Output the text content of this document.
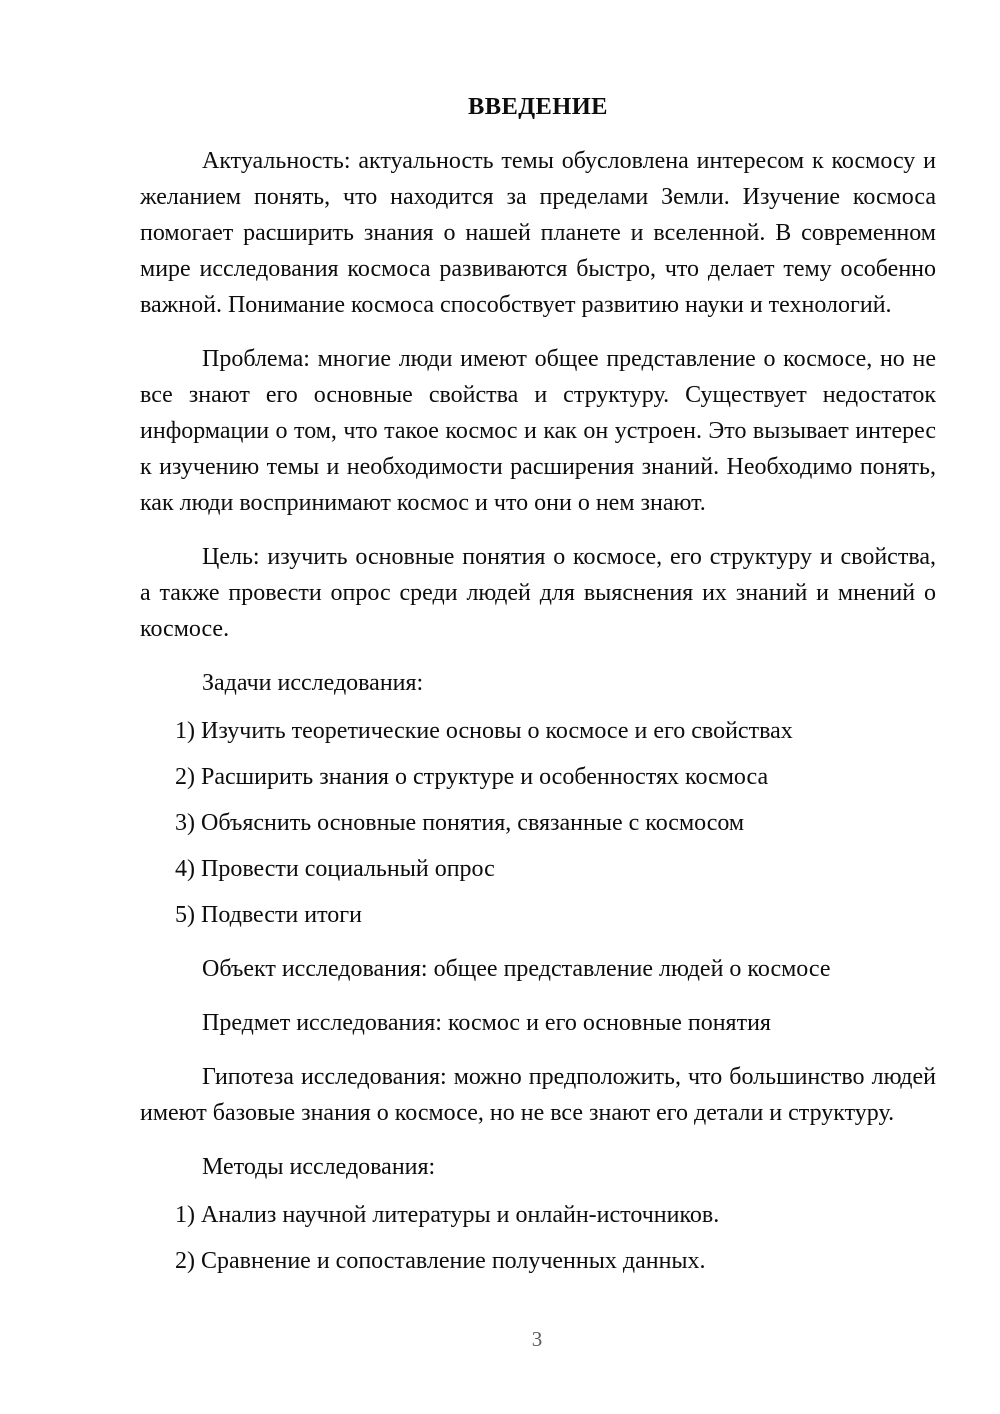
ВВЕДЕНИЕ

Актуальность: актуальность темы обусловлена интересом к космосу и желанием понять, что находится за пределами Земли. Изучение космоса помогает расширить знания о нашей планете и вселенной. В современном мире исследования космоса развиваются быстро, что делает тему особенно важной. Понимание космоса способствует развитию науки и технологий.

Проблема: многие люди имеют общее представление о космосе, но не все знают его основные свойства и структуру. Существует недостаток информации о том, что такое космос и как он устроен. Это вызывает интерес к изучению темы и необходимости расширения знаний. Необходимо понять, как люди воспринимают космос и что они о нем знают.

Цель: изучить основные понятия о космосе, его структуру и свойства, а также провести опрос среди людей для выяснения их знаний и мнений о космосе.

Задачи исследования:

1) Изучить теоретические основы о космосе и его свойствах
2) Расширить знания о структуре и особенностях космоса
3) Объяснить основные понятия, связанные с космосом
4) Провести социальный опрос
5) Подвести итоги

Объект исследования: общее представление людей о космосе

Предмет исследования: космос и его основные понятия

Гипотеза исследования: можно предположить, что большинство людей имеют базовые знания о космосе, но не все знают его детали и структуру.

Методы исследования:

1) Анализ научной литературы и онлайн-источников.
2) Сравнение и сопоставление полученных данных.
3
